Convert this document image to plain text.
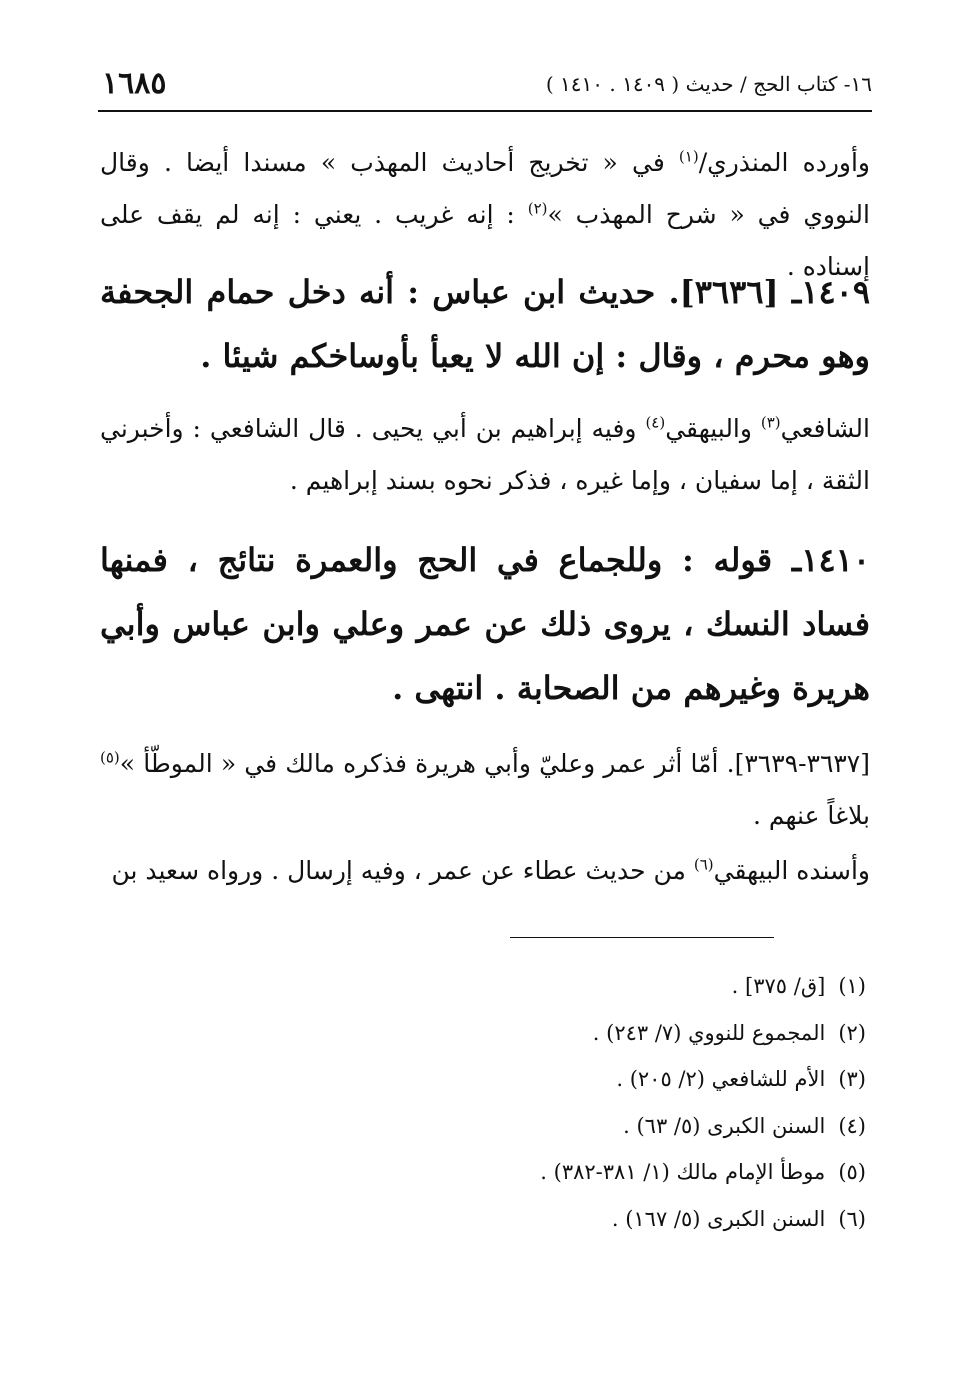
١٦٨٥	١٦- كتاب الحج / حديث ( ١٤٠٩ . ١٤١٠ )

وأورده المنذري/$^{(١)}$ في « تخريج أحاديث المهذب » مسندا أيضا . وقال النووي في « شرح المهذب »$^{(٢)}$ : إنه غريب . يعني : إنه لم يقف على إسناده .

١٤٠٩ـ [٣٦٣٦]. حديث ابن عباس : أنه دخل حمام الجحفة وهو محرم ، وقال : إن الله لا يعبأ بأوساخكم شيئا .

الشافعي$^{(٣)}$ والبيهقي$^{(٤)}$ وفيه إبراهيم بن أبي يحيى . قال الشافعي : وأخبرني الثقة ، إما سفيان ، وإما غيره ، فذكر نحوه بسند إبراهيم .

١٤١٠ـ قوله : وللجماع في الحج والعمرة نتائج ، فمنها فساد النسك ، يروى ذلك عن عمر وعلي وابن عباس وأبي هريرة وغيرهم من الصحابة . انتهى .

[٣٦٣٧-٣٦٣٩]. أمّا أثر عمر وعليّ وأبي هريرة فذكره مالك في « الموطّأ »$^{(٥)}$ بلاغاً عنهم .

وأسنده البيهقي$^{(٦)}$ من حديث عطاء عن عمر ، وفيه إرسال . ورواه سعيد بن

(١) [ق/ ٣٧٥] .
(٢) المجموع للنووي (٧/ ٢٤٣) .
(٣) الأم للشافعي (٢/ ٢٠٥) .
(٤) السنن الكبرى (٥/ ٦٣) .
(٥) موطأ الإمام مالك (١/ ٣٨١-٣٨٢) .
(٦) السنن الكبرى (٥/ ١٦٧) .
